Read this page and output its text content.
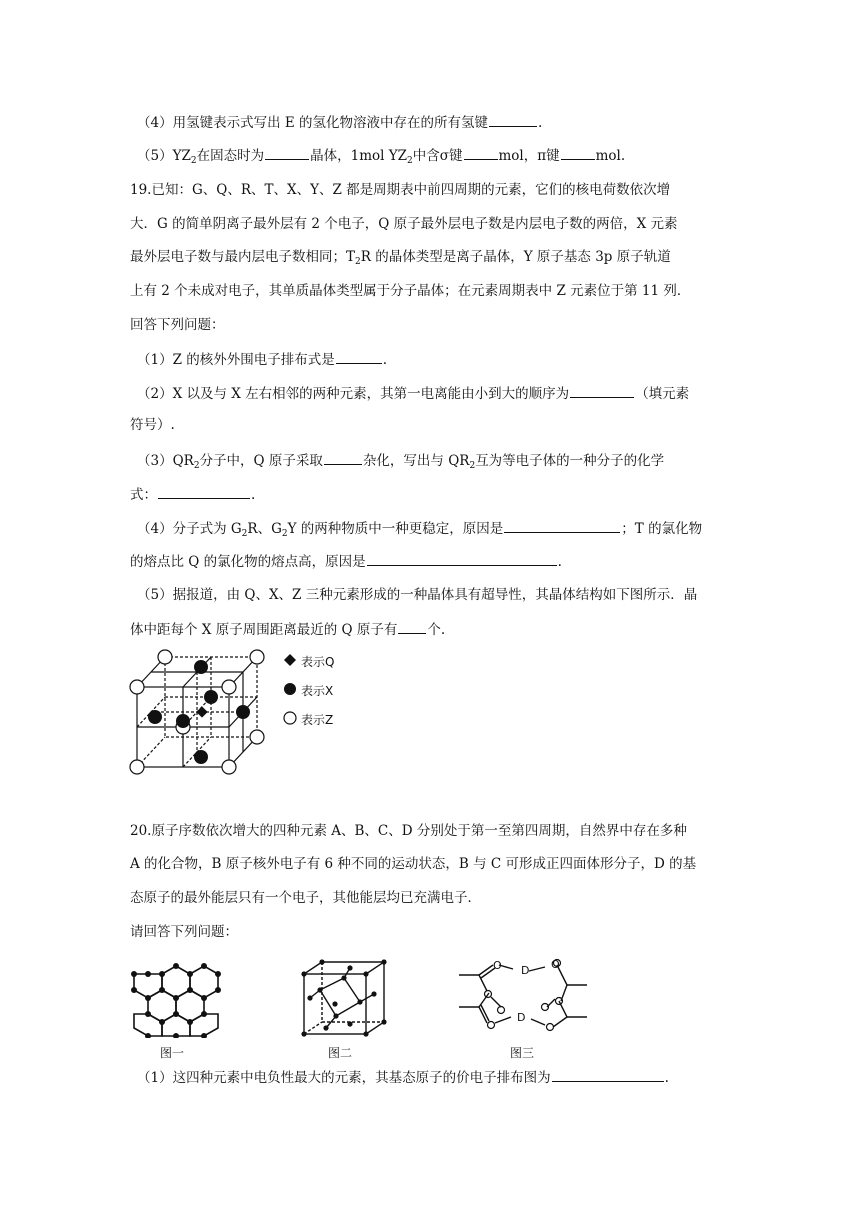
（4）用氢键表示式写出 E 的氢化物溶液中存在的所有氢键	.
$(5)YZ_2$在固态时为	晶体，1mol $YZ_2$中含σ键	mol，π键	mol.
19.已知：G、Q、R、T、X、Y、Z 都是周期表中前四周期的元素，它们的核电荷数依次增
大．G 的简单阴离子最外层有 2 个电子，Q 原子最外层电子数是内层电子数的两倍，X 元素
最外层电子数与最内层电子数相同；$T_2R$ 的晶体类型是离子晶体，Y 原子基态 3p 原子轨道
上有 2 个未成对电子，其单质晶体类型属于分子晶体；在元素周期表中 Z 元素位于第 11 列．
回答下列问题：
（1）Z 的核外外围电子排布式是	.
（2）X 以及与 X 左右相邻的两种元素，其第一电离能由小到大的顺序为	（填元素
符号）.
$(3)QR_2$分子中，Q 原子采取	杂化，写出与 $QR_2$互为等电子体的一种分子的化学
式：	.
（4）分子式为 $G_2R$、$G_2Y$ 的两种物质中一种更稳定，原因是	；T 的氯化物
的熔点比 Q 的氯化物的熔点高，原因是	.
（5）据报道，由 Q、X、Z 三种元素形成的一种晶体具有超导性，其晶体结构如下图所示．晶
体中距每个 X 原子周围距离最近的 Q 原子有 个.
表示Q
表示X
表示Z
20.原子序数依次增大的四种元素 A、B、C、D 分别处于第一至第四周期，自然界中存在多种
A 的化合物，B 原子核外电子有 6 种不同的运动状态，B 与 C 可形成正四面体形分子，D 的基
态原子的最外能层只有一个电子，其他能层均已充满电子．
请回答下列问题：
图一	图二
D
D
O	O
图三
（1）这四种元素中电负性最大的元素，其基态原子的价电子排布图为	.
